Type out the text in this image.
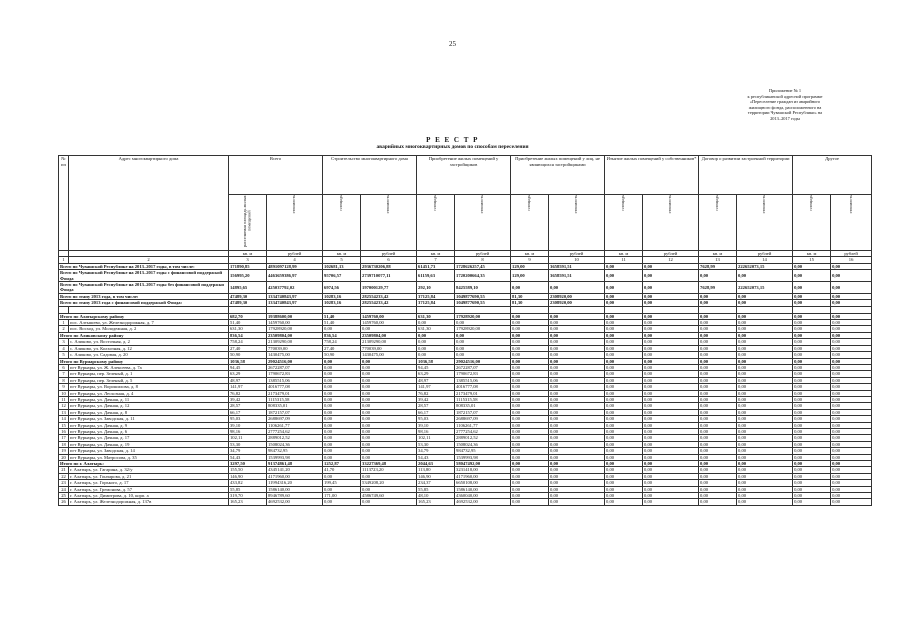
25
Приложение № 1
к республиканской адресной программе
«Переселение граждан из аварийного
жилищного фонда, расположенного на
территории Чувашской Республики» на
2013–2017 годы
Р Е Е С Т Р
аварийных многоквартирных домов по способам переселения
№ пп	Адрес многоквартирного дома	Всего		Строительство многоквартирного дома		Приобретение жилых помещений у застройщиков		Приобретение жилых помещений у лиц, не являющихся застройщиками		Изъятие жилых помещений у собственников*		Договор о развитии застроенной территории		Другое	
		расселяемая площадь жилых помещений	стоимость	площадь	стоимость	площадь	стоимость	площадь	стоимость	площадь	стоимость	площадь	стоимость	площадь	стоимость
		кв. м	рублей	кв. м	рублей	кв. м	рублей	кв. м	рублей	кв. м	рублей	кв. м	рублей	кв. м	рублей
1	2	3	4	5	6	7	8	9	10	11	12	13	14	15	16
Всего по Чувашской Республике на 2013–2017 годы, в том числе:		171890,85	4891097128,99	102681,13	2936730206,88	61451,73	1728626257,45	129,00	3658591,51	0,00	0,00	7628,99	222652073,15	0,00	0,00
Всего по Чувашской Республике на 2013–2017 годы с финансовой поддержкой Фонда		156995,20	4463659386,97	95706,57	2739710077,11	61159,63	1720200664,35	129,00	3658591,51	0,00	0,00	0,00	0,00	0,00	0,00
Всего по Чувашской Республике на 2013–2017 годы без финансовой поддержки Фонда		14895,65	425037792,02	6974,56	197000129,77	292,10	8425589,10	0,00	0,00	0,00	0,00	7628,99	222652073,15	0,00	0,00
Всего по этапу 2013 года, в том числе:		47489,30	1334740843,97	10283,16	282554233,42	37125,84	1049877690,55	81,30	2308920,00	0,00	0,00	0,00	0,00	0,00	0,00
Всего по этапу 2013 года с финансовой поддержкой Фонда:		47489,30	1334740843,97	10283,16	282554233,42	37125,84	1049877690,55	81,30	2308920,00	0,00	0,00	0,00	0,00	0,00	0,00

Итого по Алатырскому району		682,70	19388600,00	51,40	1459760,00	631,30	17928920,00	0,00	0,00	0,00	0,00	0,00	0,00	0,00	0,00
1	пос. Алтышево, ул. Железнодорожная, д. 7	51,40	1459760,00	51,40	1459760,00	0,00	0,00	0,00	0,00	0,00	0,00	0,00	0,00	0,00	0,00
2	пос. Восход, ул. Молодежная, д. 2	631,30	17928920,00	0,00	0,00	631,30	17928920,00	0,00	0,00	0,00	0,00	0,00	0,00	0,00	0,00
Итого по Аликовскому району		836,54	23509804,00	836,54	23509804,00	0,00	0,00	0,00	0,00	0,00	0,00	0,00	0,00	0,00	0,00
3	с. Аликово, ул. Восточная, д. 2	758,24	21309290,00	758,24	21309290,00	0,00	0,00	0,00	0,00	0,00	0,00	0,00	0,00	0,00	0,00
4	с. Аликово, ул. Колхозная, д. 12	27,40	770039,00	27,40	770039,00	0,00	0,00	0,00	0,00	0,00	0,00	0,00	0,00	0,00	0,00
5	с. Аликово, ул. Садовая, д. 20	50,90	1430475,00	50,90	1430475,00	0,00	0,00	0,00	0,00	0,00	0,00	0,00	0,00	0,00	0,00
Итого по Вурнарскому району		1036,58	29024516,00	0,00	0,00	1036,58	29024516,00	0,00	0,00	0,00	0,00	0,00	0,00	0,00	0,00
6	пгт Вурнары, ул. Ж. Алексеева, д. 7а	94,45	2672287,07	0,00	0,00	94,45	2672287,07	0,00	0,00	0,00	0,00	0,00	0,00	0,00	0,00
7	пгт Вурнары, пер. Зеленый, д. 1	63,29	1790672,83	0,00	0,00	63,29	1790672,83	0,00	0,00	0,00	0,00	0,00	0,00	0,00	0,00
8	пгт Вурнары, пер. Зеленый, д. 5	48,97	1385515,06	0,00	0,00	48,97	1385515,06	0,00	0,00	0,00	0,00	0,00	0,00	0,00	0,00
9	пгт Вурнары, ул. Ворошилова, д. 8	141,97	4016777,08	0,00	0,00	141,97	4016777,08	0,00	0,00	0,00	0,00	0,00	0,00	0,00	0,00
10	пгт Вурнары, ул. Лесхозная, д. 4	76,82	2173479,01	0,00	0,00	76,82	2173479,01	0,00	0,00	0,00	0,00	0,00	0,00	0,00	0,00
11	пгт Вурнары, ул. Дачная, д. 11	39,42	1115315,58	0,00	0,00	39,42	1115315,58	0,00	0,00	0,00	0,00	0,00	0,00	0,00	0,00
12	пгт Вурнары, ул. Дачная, д. 12	28,57	808335,01	0,00	0,00	28,57	808335,01	0,00	0,00	0,00	0,00	0,00	0,00	0,00	0,00
13	пгт Вурнары, ул. Дачная, д. 8	66,17	1872157,07	0,00	0,00	66,17	1872157,07	0,00	0,00	0,00	0,00	0,00	0,00	0,00	0,00
14	пгт Вурнары, ул. Заводская, д. 11	95,03	2688697,09	0,00	0,00	95,03	2688697,09	0,00	0,00	0,00	0,00	0,00	0,00	0,00	0,00
15	пгт Вурнары, ул. Дачная, д. 9	39,10	1106261,77	0,00	0,00	39,10	1106261,77	0,00	0,00	0,00	0,00	0,00	0,00	0,00	0,00
16	пгт Вурнары, ул. Дачная, д. 6	98,16	2777254,62	0,00	0,00	98,16	2777254,62	0,00	0,00	0,00	0,00	0,00	0,00	0,00	0,00
17	пгт Вурнары, ул. Дачная, д. 17	102,11	2889012,52	0,00	0,00	102,11	2889012,52	0,00	0,00	0,00	0,00	0,00	0,00	0,00	0,00
18	пгт Вурнары, ул. Дачная, д. 19	53,30	1508024,36	0,00	0,00	53,30	1508024,36	0,00	0,00	0,00	0,00	0,00	0,00	0,00	0,00
19	пгт Вурнары, ул. Заводская, д. 14	34,79	984732,95	0,00	0,00	34,79	984732,95	0,00	0,00	0,00	0,00	0,00	0,00	0,00	0,00
20	пгт Вурнары, ул. Матросова, д. 35	54,43	1539993,98	0,00	0,00	54,43	1539993,98	0,00	0,00	0,00	0,00	0,00	0,00	0,00	0,00
Итого по г. Алатырь:		3297,50	91374861,48	1252,87	33227369,48	2044,63	58047492,00	0,00	0,00	0,00	0,00	0,00	0,00	0,00	0,00
21	г. Алатырь, ул. Гагарина, д. 32/у	155,50	4345141,20	41,70	1113723,20	113,80	3231418,00	0,00	0,00	0,00	0,00	0,00	0,00	0,00	0,00
22	г. Алатырь, ул. Гончарова, д. 21	146,90	4171960,00	0,00	0,00	146,90	4171960,00	0,00	0,00	0,00	0,00	0,00	0,00	0,00	0,00
23	г. Алатырь, ул. Горького, д. 17	433,82	11994316,20	199,45	5349208,20	234,37	6650108,00	0,00	0,00	0,00	0,00	0,00	0,00	0,00	0,00
24	г. Алатырь, ул. Гремонова, д. 57	55,85	1586140,00	0,00	0,00	55,85	1586140,00	0,00	0,00	0,00	0,00	0,00	0,00	0,00	0,00
25	г. Алатырь, ул. Димитрова, д. 10, корп. а	319,70	8946789,60	171,00	4586749,60	48,10	4360040,00	0,00	0,00	0,00	0,00	0,00	0,00	0,00	0,00
26	г. Алатырь, ул. Железнодорожная, д. 137в	165,23	4692532,00	0,00	0,00	165,23	4692532,00	0,00	0,00	0,00	0,00	0,00	0,00	0,00	0,00
